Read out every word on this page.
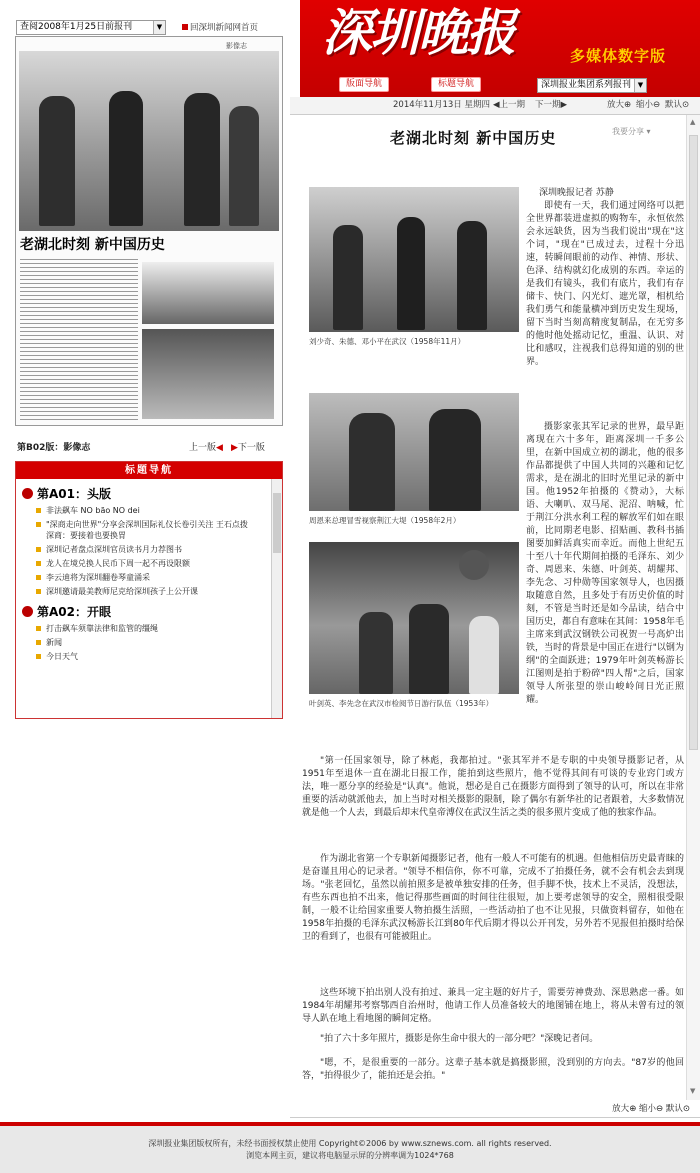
查阅2008年1月25日前报刊	▼	回深圳新闻网首页 深圳晚报	多媒体数字版
版面导航	标题导航	深圳报业集团系列报刊 ▼
2014年11月13日 星期四 ◀上一期 下一期▶	放大⊕ 缩小⊖ 默认⊙
影像志
老湖北时刻 新中国历史
第B02版：影像志	上一版◀ ▶下一版
标题导航
第A01：头版
非法飙车 NO bão NO dei
"深商走向世界"分享会深圳国际礼仪长卷引关注 王石点拨深商：要接着也要换胃
深圳记者盘点深圳官员读书月力荐图书
龙人在境兑换人民币下周一起不再设限额
李云迪将为深圳翻卷琴童涌采
深圳邀请最美教师尼克给深圳孩子上公开课
第A02：开眼
打击飙车须靠法律和监管的缰绳
新闻
今日天气
老湖北时刻 新中国历史	我要分享 ▾
深圳晚报记者 苏静
刘少奇、朱德、邓小平在武汉（1958年11月）
周恩来总理冒雪视察荆江大堤（1958年2月）
叶剑英、李先念在武汉市检阅节日游行队伍（1953年）
即使有一天，我们通过网络可以把全世界都装进虚拟的购物车，永恒依然会永远缺货，因为当我们说出"现在"这个词，"现在"已成过去，过程十分迅速，转瞬间眼前的动作、神情、形状、色泽、结构就幻化成别的东西。幸运的是我们有镜头，我们有底片，我们有存储卡、快门、闪光灯、遮光罩，相机给我们勇气和能量横冲到历史发生现场，留下当时当刻高精度复制品，在无穷多的他时他处摇动记忆，重温、认识、对比和感叹，注视我们总得知道的别的世界。
摄影家张其军记录的世界，最早距离现在六十多年，距离深圳一千多公里，在新中国成立初的湖北，他的很多作品都提供了中国人共同的兴趣和记忆需求，是在湖北的旧时光里记录的新中国。他1952年拍摄的《赞动》，大标语、大喇叭、双马尾、泥沼、呐喊，忙于荆江分洪水利工程的解放军们如在眼前，比同期老电影、招贴画、教科书插图要加鲜活真实而幸近。而他上世纪五十至八十年代期间拍摄的毛泽东、刘少奇、周恩来、朱德、叶剑英、胡耀邦、李先念、习仲勋等国家领导人，也因摄取随意自然，且多处于有历史价值的时刻，不管是当时还是如今品读，结合中国历史，都自有意味在其间：1958年毛主席来到武汉钢铁公司祝贺一号高炉出铁，当时的背景是中国正在进行"以钢为纲"的全面跃进；1979年叶剑英畅游长江图则是拍于粉碎"四人帮"之后，国家领导人所张望的崇山峻岭间日光正照耀。
"第一任国家领导，除了林彪，我都拍过。"张其军并不是专职的中央领导摄影记者，从1951年至退休一直在湖北日报工作，能拍到这些照片，他不觉得其间有可谈的专业窍门或方法，唯一愿分享的经验是"认真"。他说，想必是自己在摄影方面得到了领导的认可，所以在非常重要的活动就派他去，加上当时对相关摄影的限制，除了偶尔有新华社的记者跟着，大多数情况就是他一个人去，到最后却末代皇帝溥仪在武汉生活之类的很多照片变成了他的独家作品。
作为湖北省第一个专职新闻摄影记者，他有一般人不可能有的机遇。但他相信历史最青睐的是奋谨且用心的记录者。"领导不相信你，你不可靠，完成不了拍摄任务，就不会有机会去到现场。"张老回忆，虽然以前拍照多是被单独安排的任务，但手脚不快，技术上不灵活，没想法，有些东西也拍不出来，他记得那些画面的时间往往很短，加上要考虑领导的安全，照相很受限制，一般不让给国家重要人物拍摄生活照，一些活动拍了也不让见报，只做资料留存，如他在1958年拍摄的毛泽东武汉畅游长江到80年代后期才得以公开刊发，另外若不见报但拍摄时给保卫的看到了，也很有可能被阻止。
这些环境下拍出别人没有拍过、兼具一定主题的好片子，需要劳神费劲、深思熟虑一番。如1984年胡耀邦考察鄂西自治州时，他请工作人员准备较大的地图铺在地上，将从未曾有过的领导人趴在地上看地图的瞬间定格。
"拍了六十多年照片，摄影是你生命中很大的一部分吧？"深晚记者问。
"嗯，不，是很重要的一部分。这辈子基本就是搞摄影照，没到别的方向去。"87岁的他回答，"拍得很少了，能拍还是会拍。"
▲
▼
放大⊕ 缩小⊖ 默认⊙
深圳报业集团版权所有，未经书面授权禁止使用 Copyright©2006 by www.sznews.com. all rights reserved.
浏览本网主页，建议将电脑显示屏的分辨率调为1024*768
